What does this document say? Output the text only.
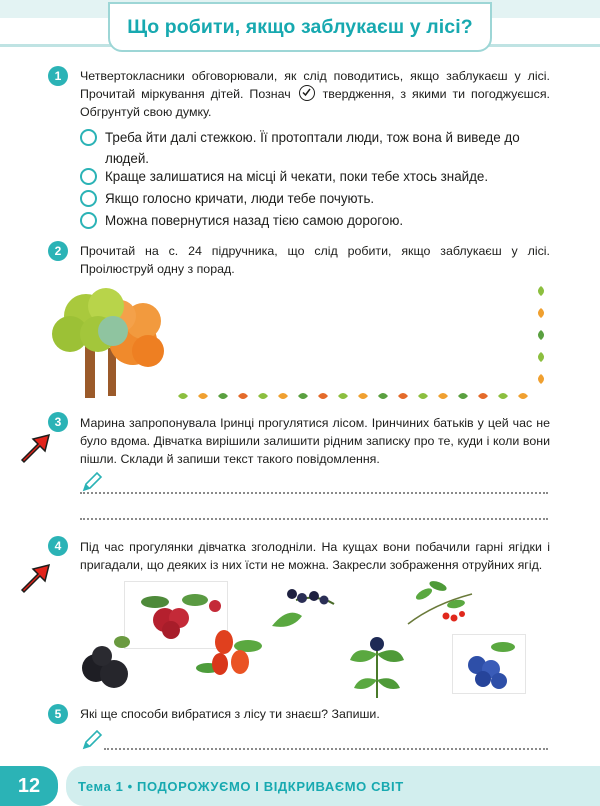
Що робити, якщо заблукаєш у лісі?
1	Четвертокласники обговорювали, як слід поводитись, якщо заблукаєш у лісі. Прочитай міркування дітей. Познач	твердження, з якими ти погоджуєшся. Обгрунтуй свою думку.
Треба йти далі стежкою. Її протоптали люди, тож вона й виведе до людей.
Краще залишатися на місці й чекати, поки тебе хтось знайде.
Якщо голосно кричати, люди тебе почують.
Можна повернутися назад тією самою дорогою.
2	Прочитай на с. 24 підручника, що слід робити, якщо заблукаєш у лісі. Проілюструй одну з порад.
3	Марина запропонувала Іринці прогулятися лісом. Іринчиних батьків у цей час не було вдома. Дівчатка вирішили залишити рідним записку про те, куди і коли вони пішли. Склади й запиши текст такого повідомлення.
4	Під час прогулянки дівчатка зголодніли. На кущах вони побачили гарні ягідки і пригадали, що деяких із них їсти не можна. Закресли зображення отруйних ягід.
5	Які ще способи вибратися з лісу ти знаєш? Запиши.
12	Тема 1 • ПОДОРОЖУЄМО І ВІДКРИВАЄМО СВІТ
